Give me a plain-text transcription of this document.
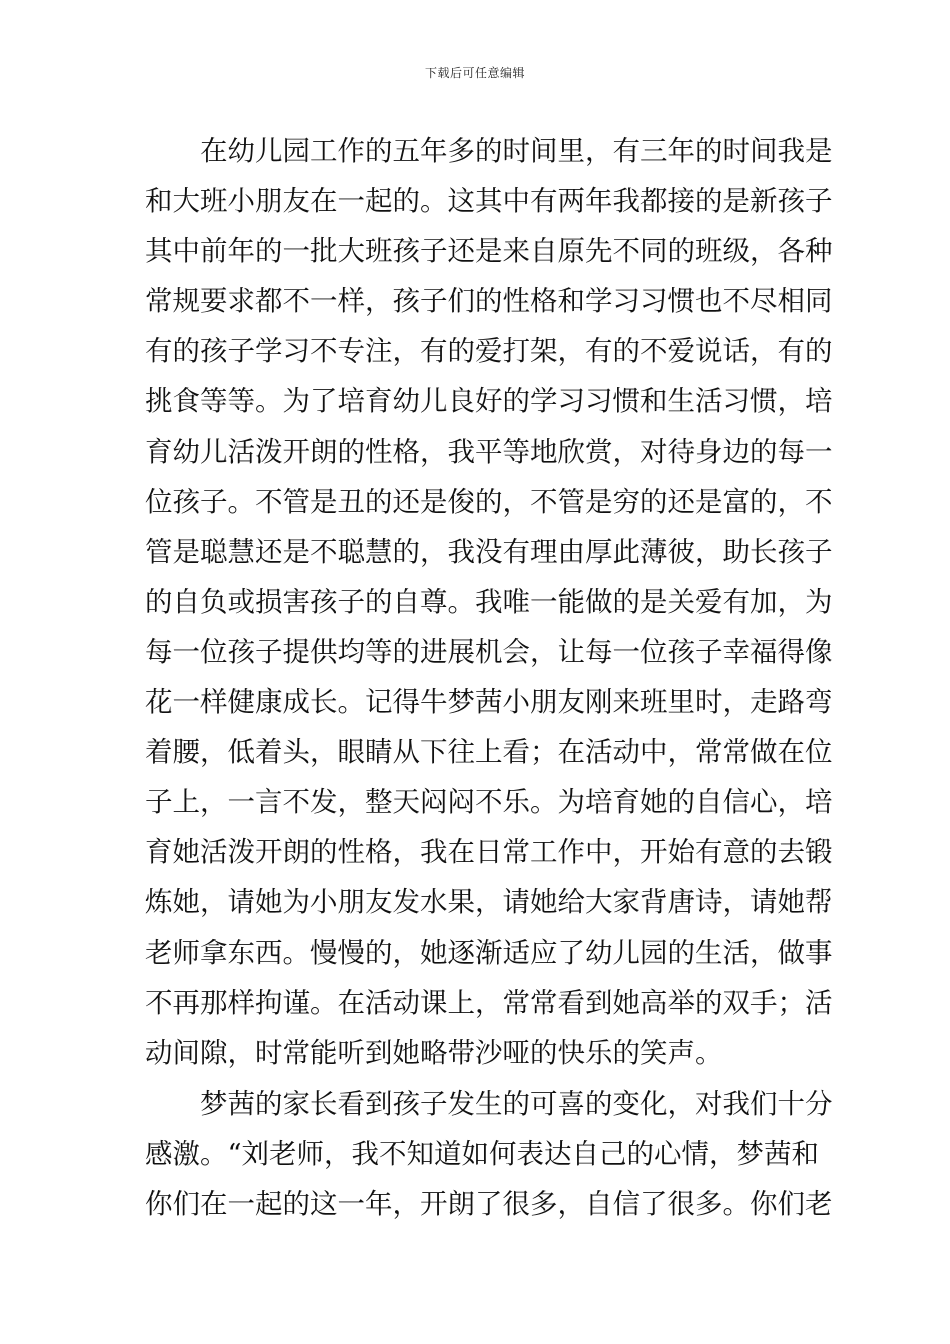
下载后可任意编辑
　　在幼儿园工作的五年多的时间里，有三年的时间我是
和大班小朋友在一起的。这其中有两年我都接的是新孩子
其中前年的一批大班孩子还是来自原先不同的班级，各种
常规要求都不一样，孩子们的性格和学习习惯也不尽相同
有的孩子学习不专注，有的爱打架，有的不爱说话，有的
挑食等等。为了培育幼儿良好的学习习惯和生活习惯，培
育幼儿活泼开朗的性格，我平等地欣赏，对待身边的每一
位孩子。不管是丑的还是俊的，不管是穷的还是富的，不
管是聪慧还是不聪慧的，我没有理由厚此薄彼，助长孩子
的自负或损害孩子的自尊。我唯一能做的是关爱有加，为
每一位孩子提供均等的进展机会，让每一位孩子幸福得像
花一样健康成长。记得牛梦茜小朋友刚来班里时，走路弯
着腰，低着头，眼睛从下往上看；在活动中，常常做在位
子上，一言不发，整天闷闷不乐。为培育她的自信心，培
育她活泼开朗的性格，我在日常工作中，开始有意的去锻
炼她，请她为小朋友发水果，请她给大家背唐诗，请她帮
老师拿东西。慢慢的，她逐渐适应了幼儿园的生活，做事
不再那样拘谨。在活动课上，常常看到她高举的双手；活
动间隙，时常能听到她略带沙哑的快乐的笑声。
　　梦茜的家长看到孩子发生的可喜的变化，对我们十分
感激。“刘老师，我不知道如何表达自己的心情，梦茜和
你们在一起的这一年，开朗了很多，自信了很多。你们老
